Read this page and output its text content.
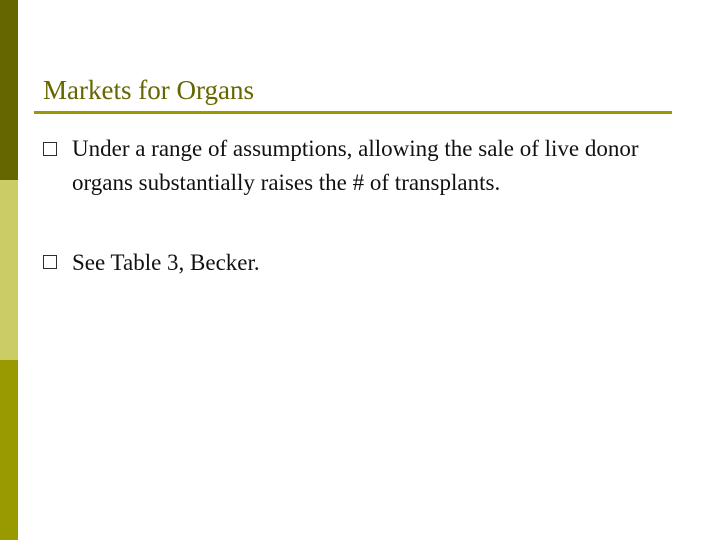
Markets for Organs
Under a range of assumptions, allowing the sale of live donor organs substantially raises the # of transplants.
See Table 3, Becker.
